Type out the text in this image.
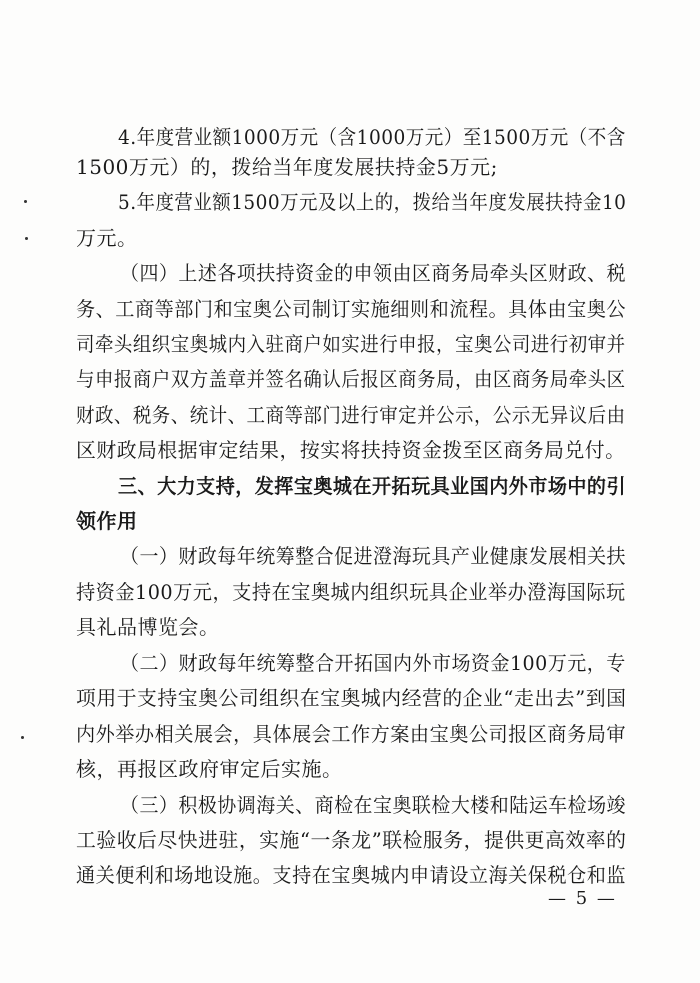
4.年度营业额1000万元（含1000万元）至1500万元（不含
1500万元）的，拨给当年度发展扶持金5万元;
5.年度营业额1500万元及以上的，拨给当年度发展扶持金10
万元。
（四）上述各项扶持资金的申领由区商务局牵头区财政、税
务、工商等部门和宝奥公司制订实施细则和流程。具体由宝奥公
司牵头组织宝奥城内入驻商户如实进行申报，宝奥公司进行初审并
与申报商户双方盖章并签名确认后报区商务局，由区商务局牵头区
财政、税务、统计、工商等部门进行审定并公示，公示无异议后由
区财政局根据审定结果，按实将扶持资金拨至区商务局兑付。
三、大力支持，发挥宝奥城在开拓玩具业国内外市场中的引
领作用
（一）财政每年统筹整合促进澄海玩具产业健康发展相关扶
持资金100万元，支持在宝奥城内组织玩具企业举办澄海国际玩
具礼品博览会。
（二）财政每年统筹整合开拓国内外市场资金100万元，专
项用于支持宝奥公司组织在宝奥城内经营的企业“走出去”到国
内外举办相关展会，具体展会工作方案由宝奥公司报区商务局审
核，再报区政府审定后实施。
（三）积极协调海关、商检在宝奥联检大楼和陆运车检场竣
工验收后尽快进驻，实施“一条龙”联检服务，提供更高效率的
通关便利和场地设施。支持在宝奥城内申请设立海关保税仓和监
— 5 —
